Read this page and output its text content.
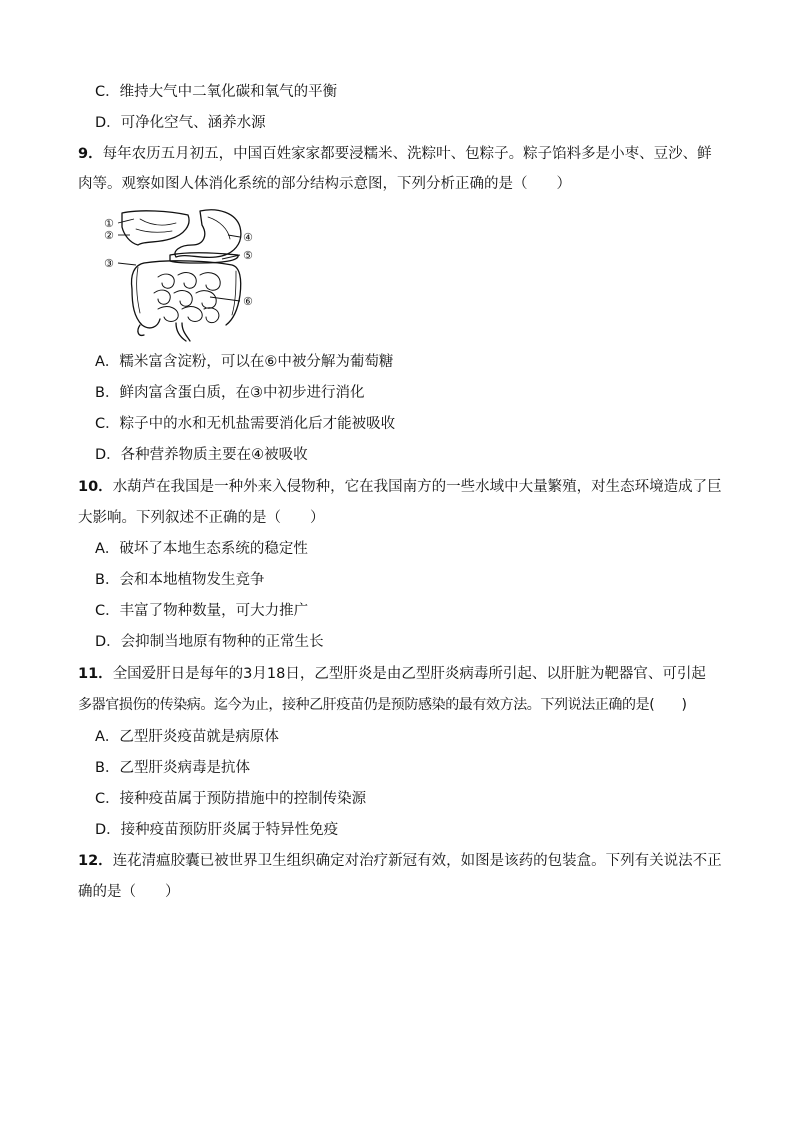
C．维持大气中二氧化碳和氧气的平衡
D．可净化空气、涵养水源
9．每年农历五月初五，中国百姓家家都要浸糯米、洗粽叶、包粽子。粽子馅料多是小枣、豆沙、鲜
肉等。观察如图人体消化系统的部分结构示意图，下列分析正确的是（　　）
①
②
③
④
⑤
⑥
A．糯米富含淀粉，可以在⑥中被分解为葡萄糖
B．鲜肉富含蛋白质，在③中初步进行消化
C．粽子中的水和无机盐需要消化后才能被吸收
D．各种营养物质主要在④被吸收
10．水葫芦在我国是一种外来入侵物种，它在我国南方的一些水域中大量繁殖，对生态环境造成了巨
大影响。下列叙述不正确的是（　　）
A．破坏了本地生态系统的稳定性
B．会和本地植物发生竞争
C．丰富了物种数量，可大力推广
D．会抑制当地原有物种的正常生长
11．全国爱肝日是每年的3月18日，乙型肝炎是由乙型肝炎病毒所引起、以肝脏为靶器官、可引起
多器官损伤的传染病。迄今为止，接种乙肝疫苗仍是预防感染的最有效方法。下列说法正确的是(　　)
A．乙型肝炎疫苗就是病原体
B．乙型肝炎病毒是抗体
C．接种疫苗属于预防措施中的控制传染源
D．接种疫苗预防肝炎属于特异性免疫
12．连花清瘟胶囊已被世界卫生组织确定对治疗新冠有效，如图是该药的包装盒。下列有关说法不正
确的是（　　）
